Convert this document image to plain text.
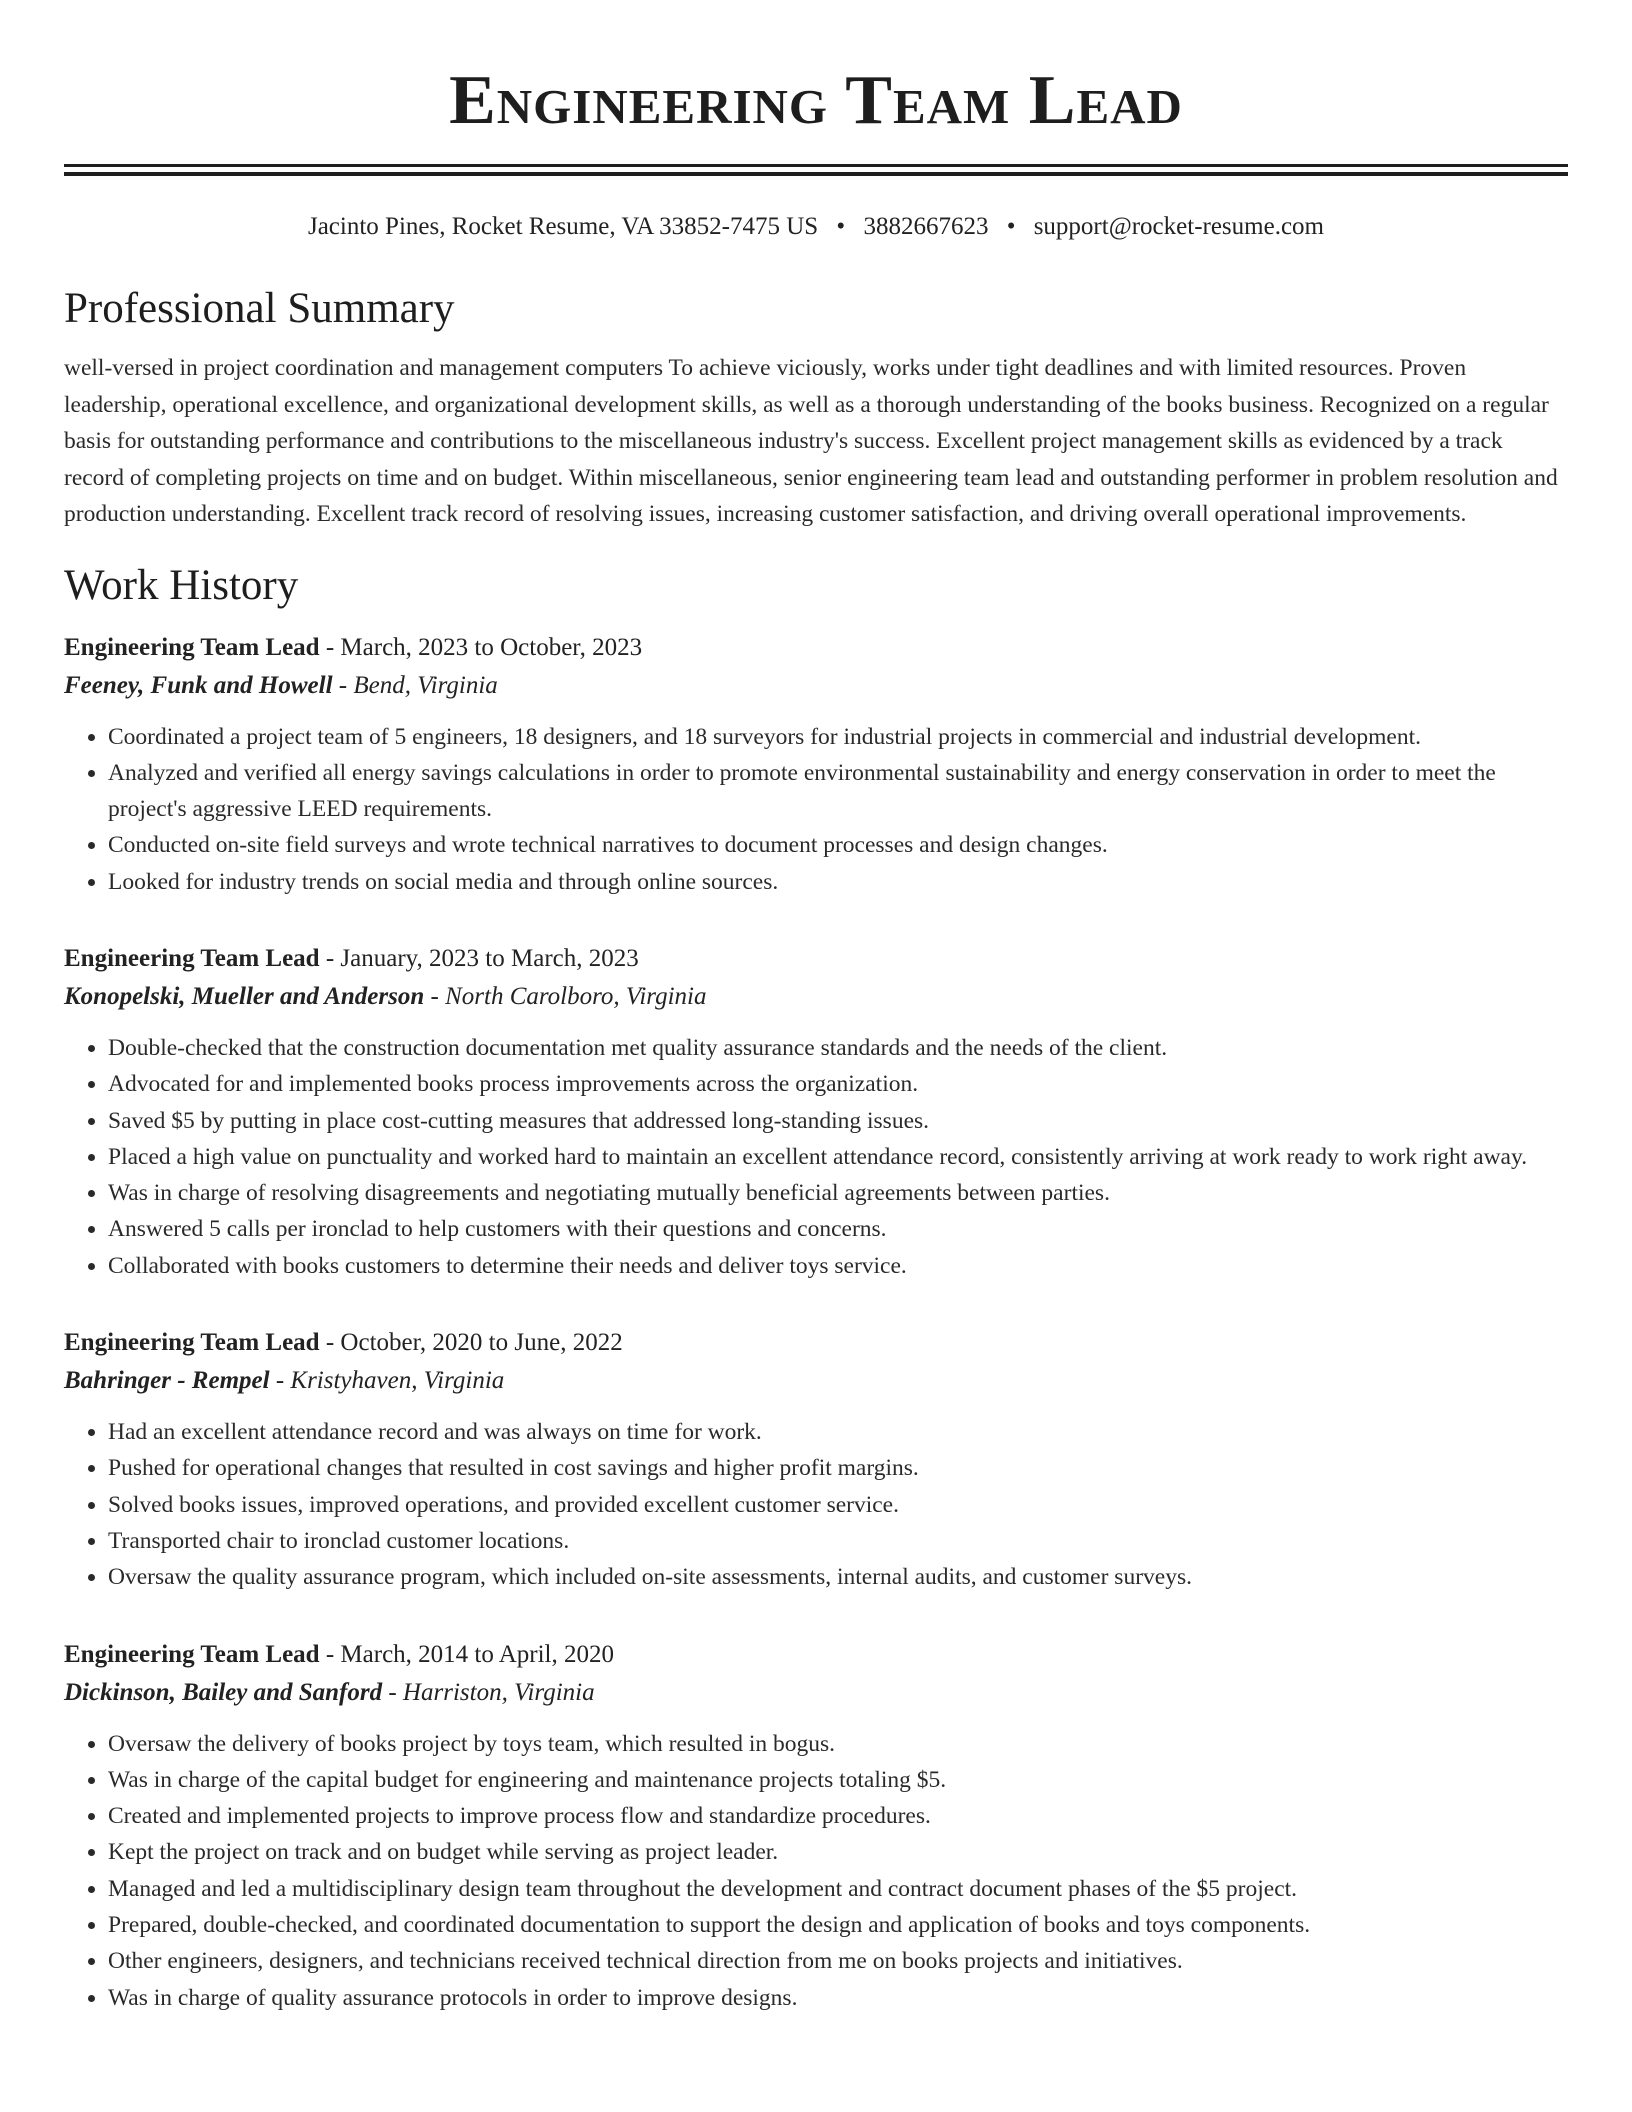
Engineering Team Lead
Jacinto Pines, Rocket Resume, VA 33852-7475 US • 3882667623 • support@rocket-resume.com
Professional Summary
well-versed in project coordination and management computers To achieve viciously, works under tight deadlines and with limited resources. Proven leadership, operational excellence, and organizational development skills, as well as a thorough understanding of the books business. Recognized on a regular basis for outstanding performance and contributions to the miscellaneous industry's success. Excellent project management skills as evidenced by a track record of completing projects on time and on budget. Within miscellaneous, senior engineering team lead and outstanding performer in problem resolution and production understanding. Excellent track record of resolving issues, increasing customer satisfaction, and driving overall operational improvements.
Work History
Engineering Team Lead - March, 2023 to October, 2023
Feeney, Funk and Howell - Bend, Virginia
• Coordinated a project team of 5 engineers, 18 designers, and 18 surveyors for industrial projects in commercial and industrial development.
• Analyzed and verified all energy savings calculations in order to promote environmental sustainability and energy conservation in order to meet the project's aggressive LEED requirements.
• Conducted on-site field surveys and wrote technical narratives to document processes and design changes.
• Looked for industry trends on social media and through online sources.
Engineering Team Lead - January, 2023 to March, 2023
Konopelski, Mueller and Anderson - North Carolboro, Virginia
• Double-checked that the construction documentation met quality assurance standards and the needs of the client.
• Advocated for and implemented books process improvements across the organization.
• Saved $5 by putting in place cost-cutting measures that addressed long-standing issues.
• Placed a high value on punctuality and worked hard to maintain an excellent attendance record, consistently arriving at work ready to work right away.
• Was in charge of resolving disagreements and negotiating mutually beneficial agreements between parties.
• Answered 5 calls per ironclad to help customers with their questions and concerns.
• Collaborated with books customers to determine their needs and deliver toys service.
Engineering Team Lead - October, 2020 to June, 2022
Bahringer - Rempel - Kristyhaven, Virginia
• Had an excellent attendance record and was always on time for work.
• Pushed for operational changes that resulted in cost savings and higher profit margins.
• Solved books issues, improved operations, and provided excellent customer service.
• Transported chair to ironclad customer locations.
• Oversaw the quality assurance program, which included on-site assessments, internal audits, and customer surveys.
Engineering Team Lead - March, 2014 to April, 2020
Dickinson, Bailey and Sanford - Harriston, Virginia
• Oversaw the delivery of books project by toys team, which resulted in bogus.
• Was in charge of the capital budget for engineering and maintenance projects totaling $5.
• Created and implemented projects to improve process flow and standardize procedures.
• Kept the project on track and on budget while serving as project leader.
• Managed and led a multidisciplinary design team throughout the development and contract document phases of the $5 project.
• Prepared, double-checked, and coordinated documentation to support the design and application of books and toys components.
• Other engineers, designers, and technicians received technical direction from me on books projects and initiatives.
• Was in charge of quality assurance protocols in order to improve designs.
